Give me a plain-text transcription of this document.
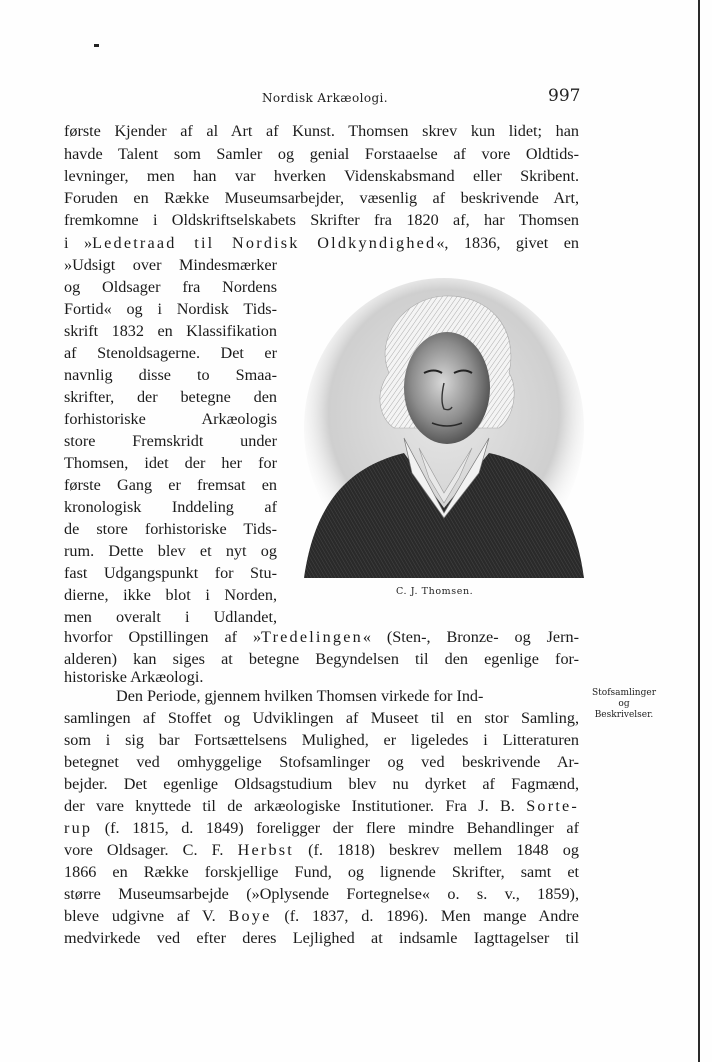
Nordisk Arkæologi.	997
første Kjender af al Art af Kunst. Thomsen skrev kun lidet; han
havde Talent som Samler og genial Forstaaelse af vore Oldtids-
levninger, men han var hverken Videnskabsmand eller Skribent.
Foruden en Række Museumsarbejder, væsenlig af beskrivende Art,
fremkomne i Oldskriftselskabets Skrifter fra 1820 af, har Thomsen
i »Ledetraad til Nordisk Oldkyndighed«, 1836, givet en
»Udsigt over Mindesmærker
og Oldsager fra Nordens
Fortid« og i Nordisk Tids-
skrift 1832 en Klassifikation
af Stenoldsagerne. Det er
navnlig disse to Smaa-
skrifter, der betegne den
forhistoriske Arkæologis
store Fremskridt under
Thomsen, idet der her for
første Gang er fremsat en
kronologisk Inddeling af
de store forhistoriske Tids-
rum. Dette blev et nyt og
fast Udgangspunkt for Stu-
dierne, ikke blot i Norden,
men overalt i Udlandet,
C. J. Thomsen.
hvorfor Opstillingen af »Tredelingen« (Sten-, Bronze- og Jern-
alderen) kan siges at betegne Begyndelsen til den egenlige for-
historiske Arkæologi.
Den Periode, gjennem hvilken Thomsen virkede for Ind-
samlingen af Stoffet og Udviklingen af Museet til en stor Samling,
som i sig bar Fortsættelsens Mulighed, er ligeledes i Litteraturen
betegnet ved omhyggelige Stofsamlinger og ved beskrivende Ar-
bejder. Det egenlige Oldsagstudium blev nu dyrket af Fagmænd,
der vare knyttede til de arkæologiske Institutioner. Fra J. B. Sorte-
rup (f. 1815, d. 1849) foreligger der flere mindre Behandlinger af
vore Oldsager. C. F. Herbst (f. 1818) beskrev mellem 1848 og
1866 en Række forskjellige Fund, og lignende Skrifter, samt et
større Museumsarbejde (»Oplysende Fortegnelse« o. s. v., 1859),
bleve udgivne af V. Boye (f. 1837, d. 1896). Men mange Andre
medvirkede ved efter deres Lejlighed at indsamle Iagttagelser til
Stofsamlinger
og
Beskrivelser.
